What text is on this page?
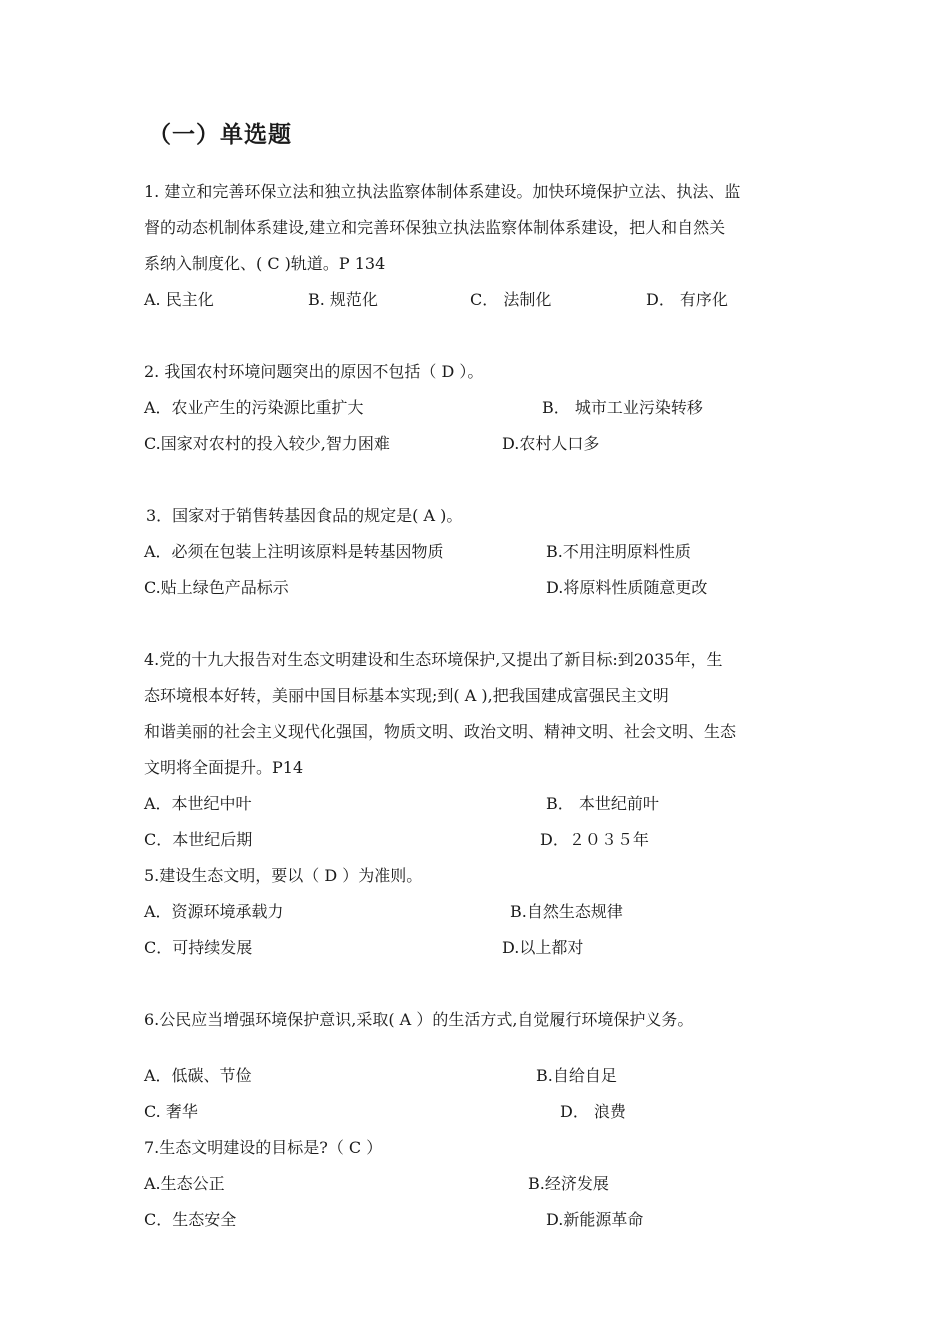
（一）单选题
1. 建立和完善环保立法和独立执法监察体制体系建设。加快环境保护立法、执法、监
督的动态机制体系建设,建立和完善环保独立执法监察体制体系建设，把人和自然关
系纳入制度化、( C )轨道。P 134
A. 民主化	B. 规范化	C． 法制化	D． 有序化
2. 我国农村环境问题突出的原因不包括（ D ）。
A．农业产生的污染源比重扩大	B． 城市工业污染转移
C.国家对农村的投入较少,智力困难	D.农村人口多
3．国家对于销售转基因食品的规定是( A )。
A．必须在包装上注明该原料是转基因物质	B.不用注明原料性质
C.贴上绿色产品标示	D.将原料性质随意更改
4.党的十九大报告对生态文明建设和生态环境保护,又提出了新目标:到2035年，生
态环境根本好转，美丽中国目标基本实现;到( A ),把我国建成富强民主文明
和谐美丽的社会主义现代化强国，物质文明、政治文明、精神文明、社会文明、生态
文明将全面提升。P14
A．本世纪中叶	B． 本世纪前叶
C．本世纪后期	D．２０３５年
5.建设生态文明，要以（ D ）为准则。
A．资源环境承载力	B.自然生态规律
C．可持续发展	D.以上都对
6.公民应当增强环境保护意识,采取( A ）的生活方式,自觉履行环境保护义务。
A．低碳、节俭	B.自给自足
C. 奢华	D． 浪费
7.生态文明建设的目标是?（ C ）
A.生态公正	B.经济发展
C．生态安全	D.新能源革命
